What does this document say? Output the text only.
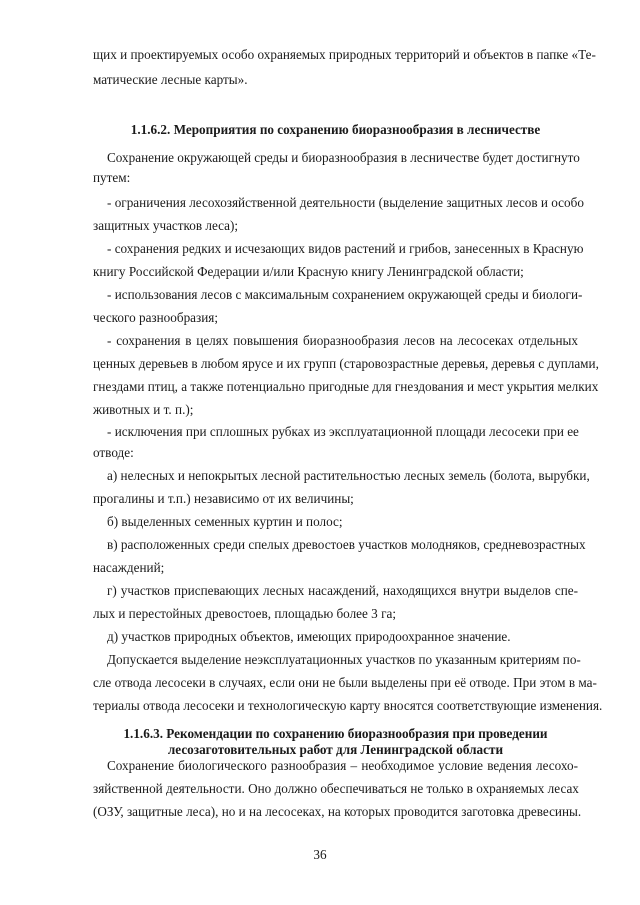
щих и проектируемых особо охраняемых природных территорий и объектов в папке «Те-

матические лесные карты».

1.1.6.2. Мероприятия по сохранению биоразнообразия в лесничестве

Сохранение окружающей среды и биоразнообразия в лесничестве будет достигнуто

путем:

- ограничения лесохозяйственной деятельности (выделение защитных лесов и особо

защитных участков леса);

- сохранения редких и исчезающих видов растений и грибов, занесенных в Красную

книгу Российской Федерации и/или Красную книгу Ленинградской области;

- использования лесов с максимальным сохранением окружающей среды и биологи-

ческого разнообразия;

- сохранения в целях повышения биоразнообразия лесов на лесосеках отдельных

ценных деревьев в любом ярусе и их групп (старовозрастные деревья, деревья с дуплами,

гнездами птиц, а также потенциально пригодные для гнездования и мест укрытия мелких

животных и т. п.);

- исключения при сплошных рубках из эксплуатационной площади лесосеки при ее

отводе:

а) нелесных и непокрытых лесной растительностью лесных земель (болота, вырубки,

прогалины и т.п.) независимо от их величины;

б) выделенных семенных куртин и полос;

в) расположенных среди спелых древостоев участков молодняков, средневозрастных

насаждений;

г) участков приспевающих лесных насаждений, находящихся внутри выделов спе-

лых и перестойных древостоев, площадью более 3 га;

д) участков природных объектов, имеющих природоохранное значение.

Допускается выделение неэксплуатационных участков по указанным критериям по-

сле отвода лесосеки в случаях, если они не были выделены при её отводе. При этом в ма-

териалы отвода лесосеки и технологическую карту вносятся соответствующие изменения.

1.1.6.3. Рекомендации по сохранению биоразнообразия при проведении

лесозаготовительных работ для Ленинградской области

Сохранение биологического разнообразия – необходимое условие ведения лесохо-

зяйственной деятельности. Оно должно обеспечиваться не только в охраняемых лесах

(ОЗУ, защитные леса), но и на лесосеках, на которых проводится заготовка древесины.

36
